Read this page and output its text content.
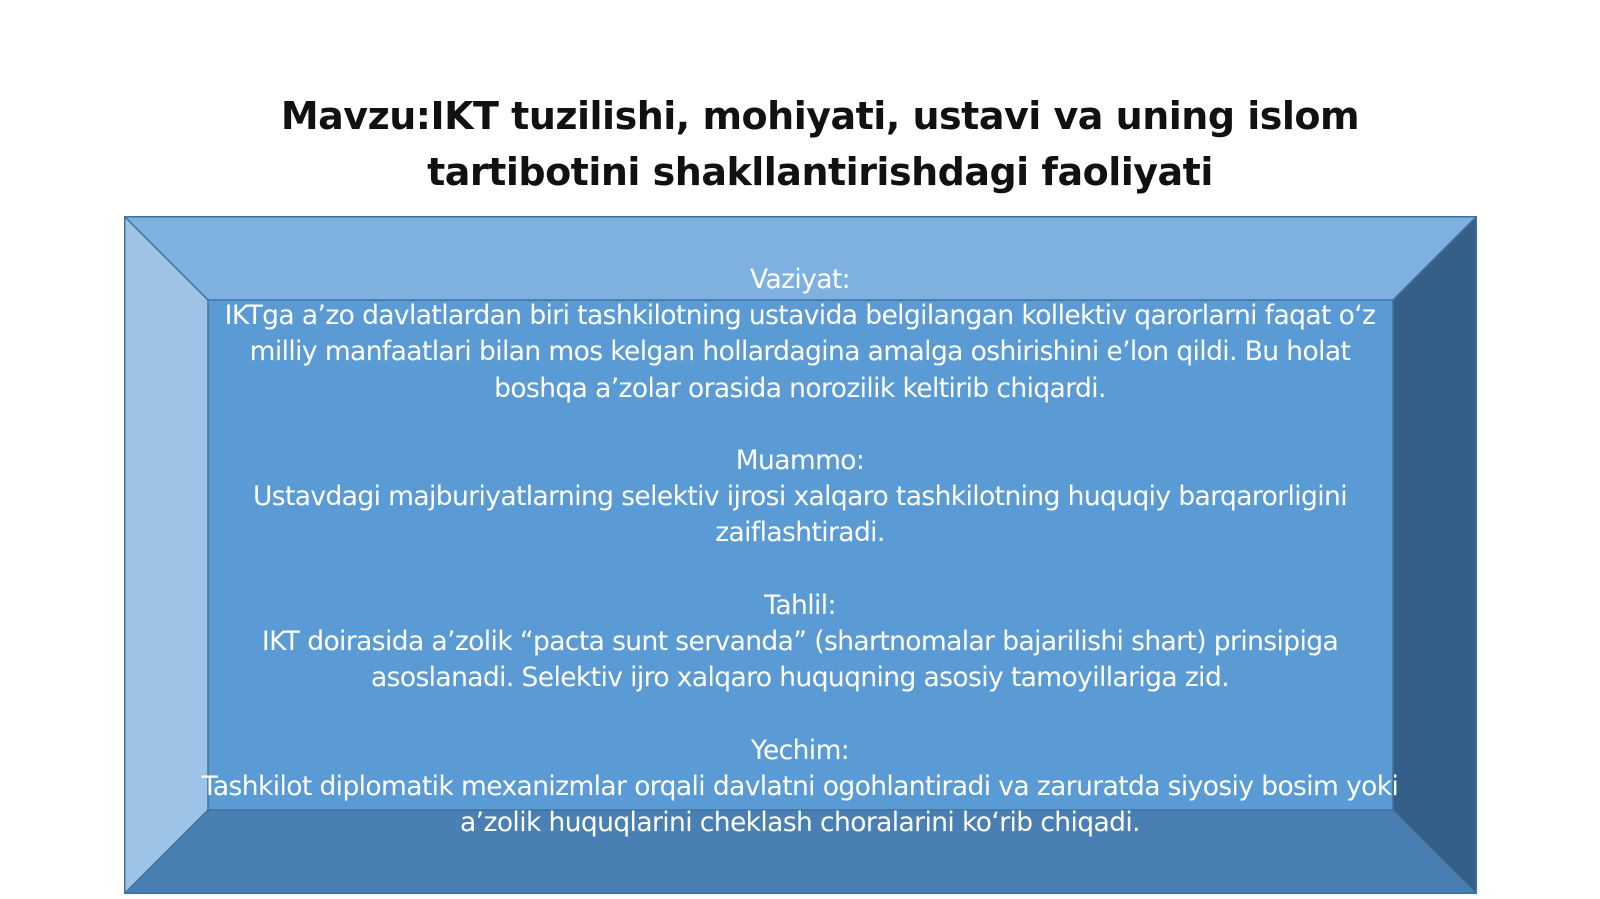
Mavzu:IKT tuzilishi, mohiyati, ustavi va uning islom tartibotini shakllantirishdagi faoliyati
Vaziyat:
IKTga a’zo davlatlardan biri tashkilotning ustavida belgilangan kollektiv qarorlarni faqat o‘z milliy manfaatlari bilan mos kelgan hollardagina amalga oshirishini e’lon qildi. Bu holat boshqa a’zolar orasida norozilik keltirib chiqardi.
Muammo:
Ustavdagi majburiyatlarning selektiv ijrosi xalqaro tashkilotning huquqiy barqarorligini zaiflashtiradi.
Tahlil:
IKT doirasida a’zolik “pacta sunt servanda” (shartnomalar bajarilishi shart) prinsipiga asoslanadi. Selektiv ijro xalqaro huquqning asosiy tamoyillariga zid.
Yechim:
Tashkilot diplomatik mexanizmlar orqali davlatni ogohlantiradi va zaruratda siyosiy bosim yoki a’zolik huquqlarini cheklash choralarini ko‘rib chiqadi.
